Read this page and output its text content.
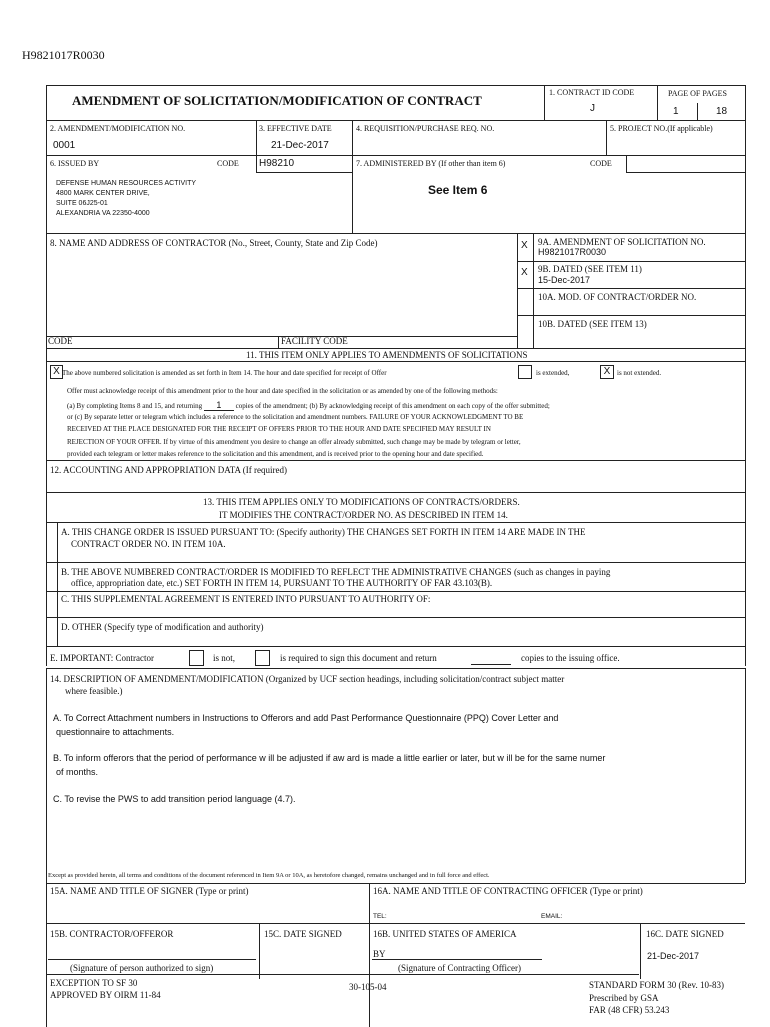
H9821017R0030
AMENDMENT OF SOLICITATION/MODIFICATION OF CONTRACT
1. CONTRACT ID CODE
J
PAGE OF PAGES
1	18
2. AMENDMENT/MODIFICATION NO.
0001
3. EFFECTIVE DATE
21-Dec-2017
4. REQUISITION/PURCHASE REQ. NO.	5. PROJECT NO.(If applicable)
6. ISSUED BY	CODE H98210	7. ADMINISTERED BY (If other than item 6)	CODE
DEFENSE HUMAN RESOURCES ACTIVITY
4800 MARK CENTER DRIVE,
SUITE 06J25-01
ALEXANDRIA VA 22350-4000
See Item 6
8. NAME AND ADDRESS OF CONTRACTOR (No., Street, County, State and Zip Code)	X 9A. AMENDMENT OF SOLICITATION NO.
H9821017R0030
X 9B. DATED (SEE ITEM 11)
15-Dec-2017
10A. MOD. OF CONTRACT/ORDER NO.
10B. DATED (SEE ITEM 13)
CODE	FACILITY CODE
11. THIS ITEM ONLY APPLIES TO AMENDMENTS OF SOLICITATIONS
X The above numbered solicitation is amended as set forth in Item 14. The hour and date specified for receipt of Offer	is extended,	X is not extended.
Offer must acknowledge receipt of this amendment prior to the hour and date specified in the solicitation or as amended by one of the following methods:
(a) By completing Items 8 and 15, and returning 1 copies of the amendment; (b) By acknowledging receipt of this amendment on each copy of the offer submitted;
or (c) By separate letter or telegram which includes a reference to the solicitation and amendment numbers. FAILURE OF YOUR ACKNOWLEDGMENT TO BE
RECEIVED AT THE PLACE DESIGNATED FOR THE RECEIPT OF OFFERS PRIOR TO THE HOUR AND DATE SPECIFIED MAY RESULT IN
REJECTION OF YOUR OFFER. If by virtue of this amendment you desire to change an offer already submitted, such change may be made by telegram or letter,
provided each telegram or letter makes reference to the solicitation and this amendment, and is received prior to the opening hour and date specified.
12. ACCOUNTING AND APPROPRIATION DATA (If required)
13. THIS ITEM APPLIES ONLY TO MODIFICATIONS OF CONTRACTS/ORDERS.
IT MODIFIES THE CONTRACT/ORDER NO. AS DESCRIBED IN ITEM 14.
A. THIS CHANGE ORDER IS ISSUED PURSUANT TO: (Specify authority) THE CHANGES SET FORTH IN ITEM 14 ARE MADE IN THE
CONTRACT ORDER NO. IN ITEM 10A.
B. THE ABOVE NUMBERED CONTRACT/ORDER IS MODIFIED TO REFLECT THE ADMINISTRATIVE CHANGES (such as changes in paying
office, appropriation date, etc.) SET FORTH IN ITEM 14, PURSUANT TO THE AUTHORITY OF FAR 43.103(B).
C. THIS SUPPLEMENTAL AGREEMENT IS ENTERED INTO PURSUANT TO AUTHORITY OF:
D. OTHER (Specify type of modification and authority)
E. IMPORTANT: Contractor	is not,	is required to sign this document and return	copies to the issuing office.
14. DESCRIPTION OF AMENDMENT/MODIFICATION (Organized by UCF section headings, including solicitation/contract subject matter
where feasible.)
A. To Correct Attachment numbers in Instructions to Offerors and add Past Performance Questionnaire (PPQ) Cover Letter and
questionnaire to attachments.
B. To inform offerors that the period of performance w ill be adjusted if aw ard is made a little earlier or later, but w ill be for the same numer
of months.
C. To revise the PWS to add transition period language (4.7).
Except as provided herein, all terms and conditions of the document referenced in Item 9A or 10A, as heretofore changed, remains unchanged and in full force and effect.
15A. NAME AND TITLE OF SIGNER (Type or print)	16A. NAME AND TITLE OF CONTRACTING OFFICER (Type or print)
TEL:	EMAIL:
15B. CONTRACTOR/OFFEROR	15C. DATE SIGNED	16B. UNITED STATES OF AMERICA	16C. DATE SIGNED
21-Dec-2017
(Signature of person authorized to sign)
BY
(Signature of Contracting Officer)
EXCEPTION TO SF 30
APPROVED BY OIRM 11-84
30-105-04	STANDARD FORM 30 (Rev. 10-83)
Prescribed by GSA
FAR (48 CFR) 53.243
